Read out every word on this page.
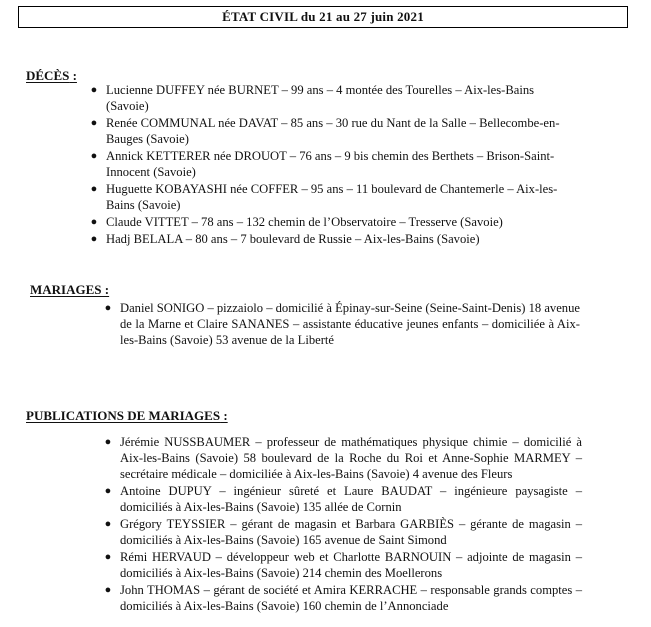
ÉTAT CIVIL du 21 au 27 juin 2021
DÉCÈS :
● Lucienne DUFFEY née BURNET – 99 ans – 4 montée des Tourelles – Aix-les-Bains (Savoie)
● Renée COMMUNAL née DAVAT – 85 ans – 30 rue du Nant de la Salle – Bellecombe-en-Bauges (Savoie)
● Annick KETTERER née DROUOT – 76 ans – 9 bis chemin des Berthets – Brison-Saint-Innocent (Savoie)
● Huguette KOBAYASHI née COFFER – 95 ans – 11 boulevard de Chantemerle – Aix-les-Bains (Savoie)
● Claude VITTET – 78 ans – 132 chemin de l’Observatoire – Tresserve (Savoie)
● Hadj BELALA – 80 ans – 7 boulevard de Russie – Aix-les-Bains (Savoie)
MARIAGES :
● Daniel SONIGO – pizzaiolo – domicilié à Épinay-sur-Seine (Seine-Saint-Denis) 18 avenue de la Marne et Claire SANANES – assistante éducative jeunes enfants – domiciliée à Aix-les-Bains (Savoie) 53 avenue de la Liberté
PUBLICATIONS DE MARIAGES :
● Jérémie NUSSBAUMER – professeur de mathématiques physique chimie – domicilié à Aix-les-Bains (Savoie) 58 boulevard de la Roche du Roi et Anne-Sophie MARMEY – secrétaire médicale – domiciliée à Aix-les-Bains (Savoie) 4 avenue des Fleurs
● Antoine DUPUY – ingénieur sûreté et Laure BAUDAT – ingénieure paysagiste – domiciliés à Aix-les-Bains (Savoie) 135 allée de Cornin
● Grégory TEYSSIER – gérant de magasin et Barbara GARBIÈS – gérante de magasin – domiciliés à Aix-les-Bains (Savoie) 165 avenue de Saint Simond
● Rémi HERVAUD – développeur web et Charlotte BARNOUIN – adjointe de magasin – domiciliés à Aix-les-Bains (Savoie) 214 chemin des Moellerons
● John THOMAS – gérant de société et Amira KERRACHE – responsable grands comptes – domiciliés à Aix-les-Bains (Savoie) 160 chemin de l’Annonciade
